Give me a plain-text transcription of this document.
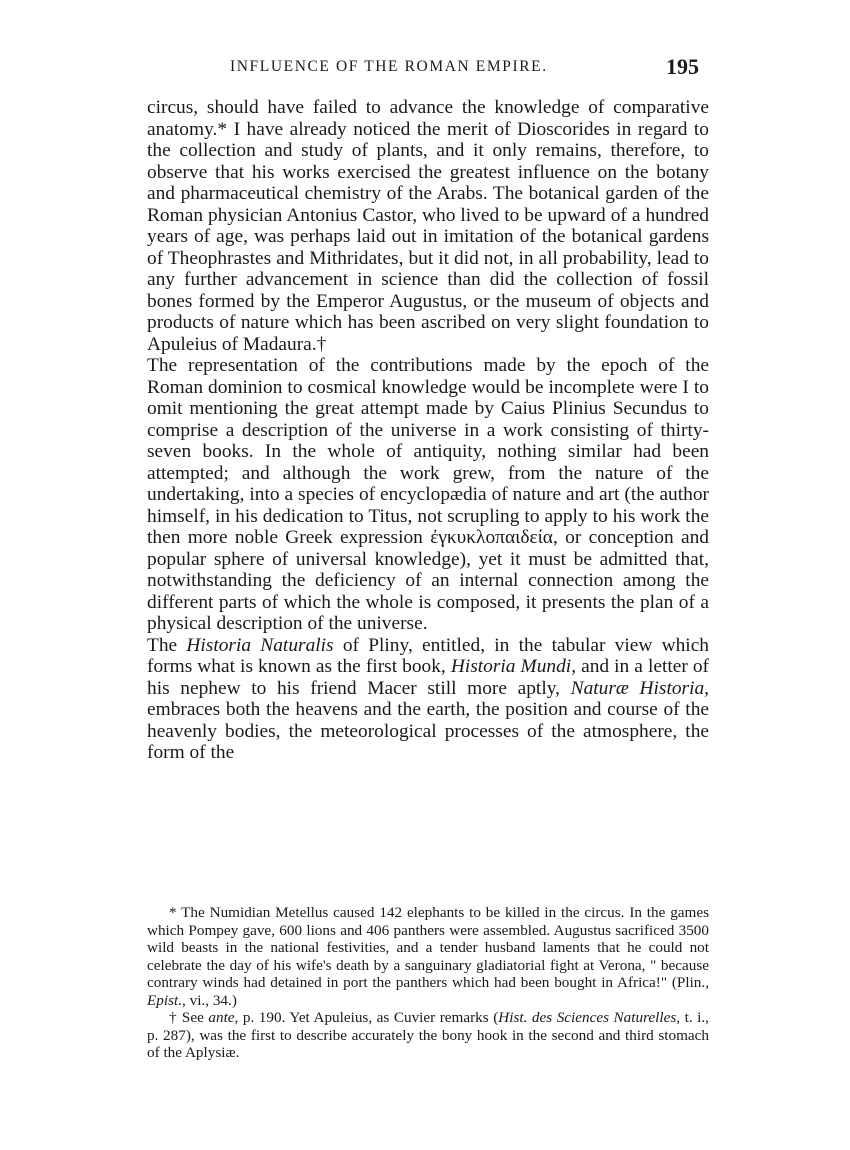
INFLUENCE OF THE ROMAN EMPIRE.	195

circus, should have failed to advance the knowledge of comparative anatomy.* I have already noticed the merit of Dioscorides in regard to the collection and study of plants, and it only remains, therefore, to observe that his works exercised the greatest influence on the botany and pharmaceutical chemistry of the Arabs. The botanical garden of the Roman physician Antonius Castor, who lived to be upward of a hundred years of age, was perhaps laid out in imitation of the botanical gardens of Theophrastes and Mithridates, but it did not, in all probability, lead to any further advancement in science than did the collection of fossil bones formed by the Emperor Augustus, or the museum of objects and products of nature which has been ascribed on very slight foundation to Apuleius of Madaura.†

The representation of the contributions made by the epoch of the Roman dominion to cosmical knowledge would be incomplete were I to omit mentioning the great attempt made by Caius Plinius Secundus to comprise a description of the universe in a work consisting of thirty-seven books. In the whole of antiquity, nothing similar had been attempted; and although the work grew, from the nature of the undertaking, into a species of encyclopædia of nature and art (the author himself, in his dedication to Titus, not scrupling to apply to his work the then more noble Greek expression ἐγκυκλοπαιδεία, or conception and popular sphere of universal knowledge), yet it must be admitted that, notwithstanding the deficiency of an internal connection among the different parts of which the whole is composed, it presents the plan of a physical description of the universe.

The Historia Naturalis of Pliny, entitled, in the tabular view which forms what is known as the first book, Historia Mundi, and in a letter of his nephew to his friend Macer still more aptly, Naturæ Historia, embraces both the heavens and the earth, the position and course of the heavenly bodies, the meteorological processes of the atmosphere, the form of the

* The Numidian Metellus caused 142 elephants to be killed in the circus. In the games which Pompey gave, 600 lions and 406 panthers were assembled. Augustus sacrificed 3500 wild beasts in the national festivities, and a tender husband laments that he could not celebrate the day of his wife's death by a sanguinary gladiatorial fight at Verona, " because contrary winds had detained in port the panthers which had been bought in Africa!" (Plin., Epist., vi., 34.)

† See ante, p. 190. Yet Apuleius, as Cuvier remarks (Hist. des Sciences Naturelles, t. i., p. 287), was the first to describe accurately the bony hook in the second and third stomach of the Aplysiæ.
